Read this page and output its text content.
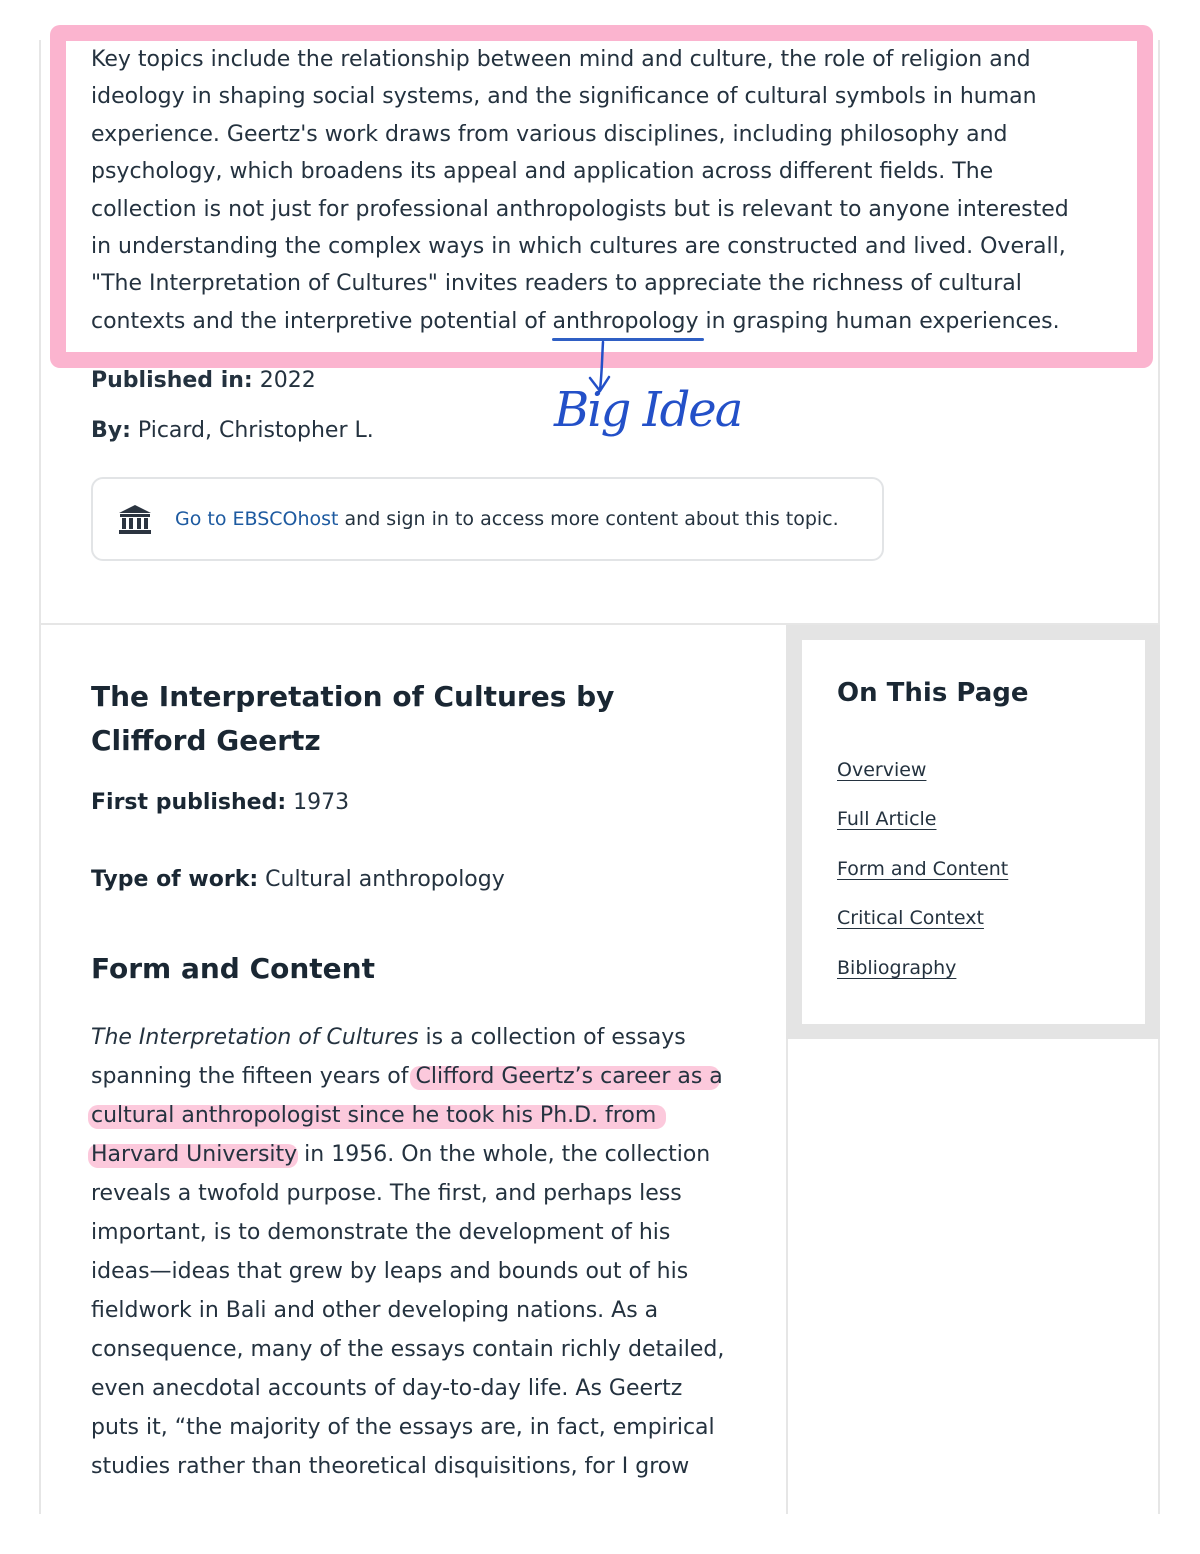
Key topics include the relationship between mind and culture, the role of religion and
ideology in shaping social systems, and the significance of cultural symbols in human
experience. Geertz's work draws from various disciplines, including philosophy and
psychology, which broadens its appeal and application across different fields. The
collection is not just for professional anthropologists but is relevant to anyone interested
in understanding the complex ways in which cultures are constructed and lived. Overall,
"The Interpretation of Cultures" invites readers to appreciate the richness of cultural
contexts and the interpretive potential of anthropology in grasping human experiences.

Published in: 2022

By: Picard, Christopher L.	Big Idea
Go to EBSCOhost and sign in to access more content about this topic.
On This Page
Overview
Full Article
Form and Content
Critical Context
Bibliography
The Interpretation of Cultures by Clifford Geertz

First published: 1973

Type of work: Cultural anthropology

Form and Content

The Interpretation of Cultures is a collection of essays
spanning the fifteen years of Clifford Geertz’s career as a
cultural anthropologist since he took his Ph.D. from
Harvard University in 1956. On the whole, the collection
reveals a twofold purpose. The first, and perhaps less
important, is to demonstrate the development of his
ideas—ideas that grew by leaps and bounds out of his
fieldwork in Bali and other developing nations. As a
consequence, many of the essays contain richly detailed,
even anecdotal accounts of day-to-day life. As Geertz
puts it, “the majority of the essays are, in fact, empirical
studies rather than theoretical disquisitions, for I grow
